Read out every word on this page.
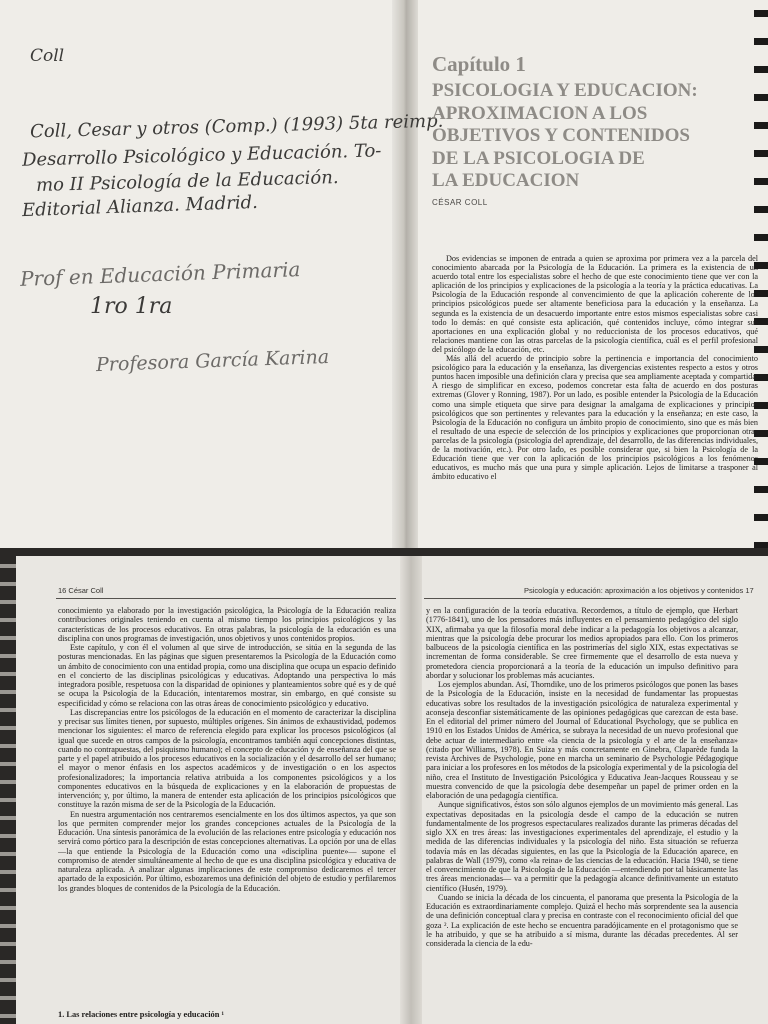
Coll
Coll, Cesar y otros (Comp.) (1993) 5ta reimp.
Desarrollo Psicológico y Educación. To-
mo II Psicología de la Educación.
Editorial Alianza. Madrid.
Prof en Educación Primaria
1ro 1ra
Profesora García Karina
Capítulo 1
PSICOLOGIA Y EDUCACION:
APROXIMACION A LOS
OBJETIVOS Y CONTENIDOS
DE LA PSICOLOGIA DE
LA EDUCACION
CÉSAR COLL

Dos evidencias se imponen de entrada a quien se aproxima por primera vez a la parcela del conocimiento abarcada por la Psicología de la Educación. La primera es la existencia de un acuerdo total entre los especialistas sobre el hecho de que este conocimiento tiene que ver con la aplicación de los principios y explicaciones de la psicología a la teoría y la práctica educativas. La Psicología de la Educación responde al convencimiento de que la aplicación coherente de los principios psicológicos puede ser altamente beneficiosa para la educación y la enseñanza. La segunda es la existencia de un desacuerdo importante entre estos mismos especialistas sobre casi todo lo demás: en qué consiste esta aplicación, qué contenidos incluye, cómo integrar sus aportaciones en una explicación global y no reduccionista de los procesos educativos, qué relaciones mantiene con las otras parcelas de la psicología científica, cuál es el perfil profesional del psicólogo de la educación, etc.

Más allá del acuerdo de principio sobre la pertinencia e importancia del conocimiento psicológico para la educación y la enseñanza, las divergencias existentes respecto a estos y otros puntos hacen imposible una definición clara y precisa que sea ampliamente aceptada y compartida. A riesgo de simplificar en exceso, podemos concretar esta falta de acuerdo en dos posturas extremas (Glover y Ronning, 1987). Por un lado, es posible entender la Psicología de la Educación como una simple etiqueta que sirve para designar la amalgama de explicaciones y principios psicológicos que son pertinentes y relevantes para la educación y la enseñanza; en este caso, la Psicología de la Educación no configura un ámbito propio de conocimiento, sino que es más bien el resultado de una especie de selección de los principios y explicaciones que proporcionan otras parcelas de la psicología (psicología del aprendizaje, del desarrollo, de las diferencias individuales, de la motivación, etc.). Por otro lado, es posible considerar que, si bien la Psicología de la Educación tiene que ver con la aplicación de los principios psicológicos a los fenómenos educativos, es mucho más que una pura y simple aplicación. Lejos de limitarse a trasponer al ámbito educativo el

16 César Coll	Psicología y educación: aproximación a los objetivos y contenidos 17

conocimiento ya elaborado por la investigación psicológica, la Psicología de la Educación realiza contribuciones originales teniendo en cuenta al mismo tiempo los principios psicológicos y las características de los procesos educativos. En otras palabras, la psicología de la educación es una disciplina con unos programas de investigación, unos objetivos y unos contenidos propios.

Este capítulo, y con él el volumen al que sirve de introducción, se sitúa en la segunda de las posturas mencionadas. En las páginas que siguen presentaremos la Psicología de la Educación como un ámbito de conocimiento con una entidad propia, como una disciplina que ocupa un espacio definido en el concierto de las disciplinas psicológicas y educativas. Adoptando una perspectiva lo más integradora posible, respetuosa con la disparidad de opiniones y planteamientos sobre qué es y de qué se ocupa la Psicología de la Educación, intentaremos mostrar, sin embargo, en qué consiste su especificidad y cómo se relaciona con las otras áreas de conocimiento psicológico y educativo.

Las discrepancias entre los psicólogos de la educación en el momento de caracterizar la disciplina y precisar sus límites tienen, por supuesto, múltiples orígenes. Sin ánimos de exhaustividad, podemos mencionar los siguientes: el marco de referencia elegido para explicar los procesos psicológicos (al igual que sucede en otros campos de la psicología, encontramos también aquí concepciones distintas, cuando no contrapuestas, del psiquismo humano); el concepto de educación y de enseñanza del que se parte y el papel atribuido a los procesos educativos en la socialización y el desarrollo del ser humano; el mayor o menor énfasis en los aspectos académicos y de investigación o en los aspectos profesionalizadores; la importancia relativa atribuida a los componentes psicológicos y a los componentes educativos en la búsqueda de explicaciones y en la elaboración de propuestas de intervención; y, por último, la manera de entender esta aplicación de los principios psicológicos que constituye la razón misma de ser de la Psicología de la Educación.

En nuestra argumentación nos centraremos esencialmente en los dos últimos aspectos, ya que son los que permiten comprender mejor los grandes concepciones actuales de la Psicología de la Educación. Una síntesis panorámica de la evolución de las relaciones entre psicología y educación nos servirá como pórtico para la descripción de estas concepciones alternativas. La opción por una de ellas —la que entiende la Psicología de la Educación como una «disciplina puente»— supone el compromiso de atender simultáneamente al hecho de que es una disciplina psicológica y educativa de naturaleza aplicada. A analizar algunas implicaciones de este compromiso dedicaremos el tercer apartado de la exposición. Por último, esbozaremos una definición del objeto de estudio y perfilaremos los grandes bloques de contenidos de la Psicología de la Educación.

1. Las relaciones entre psicología y educación ¹

y en la configuración de la teoría educativa. Recordemos, a título de ejemplo, que Herbart (1776-1841), uno de los pensadores más influyentes en el pensamiento pedagógico del siglo XIX, afirmaba ya que la filosofía moral debe indicar a la pedagogía los objetivos a alcanzar, mientras que la psicología debe procurar los medios apropiados para ello. Con los primeros balbuceos de la psicología científica en las postrimerías del siglo XIX, estas expectativas se incrementan de forma considerable. Se cree firmemente que el desarrollo de esta nueva y prometedora ciencia proporcionará a la teoría de la educación un impulso definitivo para abordar y solucionar los problemas más acuciantes.

Los ejemplos abundan. Así, Thorndike, uno de los primeros psicólogos que ponen las bases de la Psicología de la Educación, insiste en la necesidad de fundamentar las propuestas educativas sobre los resultados de la investigación psicológica de naturaleza experimental y aconseja desconfiar sistemáticamente de las opiniones pedagógicas que carezcan de esta base. En el editorial del primer número del Journal of Educational Psychology, que se publica en 1910 en los Estados Unidos de América, se subraya la necesidad de un nuevo profesional que debe actuar de intermediario entre «la ciencia de la psicología y el arte de la enseñanza» (citado por Williams, 1978). En Suiza y más concretamente en Ginebra, Claparède funda la revista Archives de Psychologie, pone en marcha un seminario de Psychologie Pédagogique para iniciar a los profesores en los métodos de la psicología experimental y de la psicología del niño, crea el Instituto de Investigación Psicológica y Educativa Jean-Jacques Rousseau y se muestra convencido de que la psicología debe desempeñar un papel de primer orden en la elaboración de una pedagogía científica.

Aunque significativos, éstos son sólo algunos ejemplos de un movimiento más general. Las expectativas depositadas en la psicología desde el campo de la educación se nutren fundamentalmente de los progresos espectaculares realizados durante las primeras décadas del siglo XX en tres áreas: las investigaciones experimentales del aprendizaje, el estudio y la medida de las diferencias individuales y la psicología del niño. Esta situación se refuerza todavía más en las décadas siguientes, en las que la Psicología de la Educación aparece, en palabras de Wall (1979), como «la reina» de las ciencias de la educación. Hacia 1940, se tiene el convencimiento de que la Psicología de la Educación —entendiendo por tal básicamente las tres áreas mencionadas— va a permitir que la pedagogía alcance definitivamente un estatuto científico (Husén, 1979).

Cuando se inicia la década de los cincuenta, el panorama que presenta la Psicología de la Educación es extraordinariamente complejo. Quizá el hecho más sorprendente sea la ausencia de una definición conceptual clara y precisa en contraste con el reconocimiento oficial del que goza ². La explicación de este hecho se encuentra paradójicamente en el protagonismo que se le ha atribuido, y que se ha atribuido a sí misma, durante las décadas precedentes. Al ser considerada la ciencia de la edu-
